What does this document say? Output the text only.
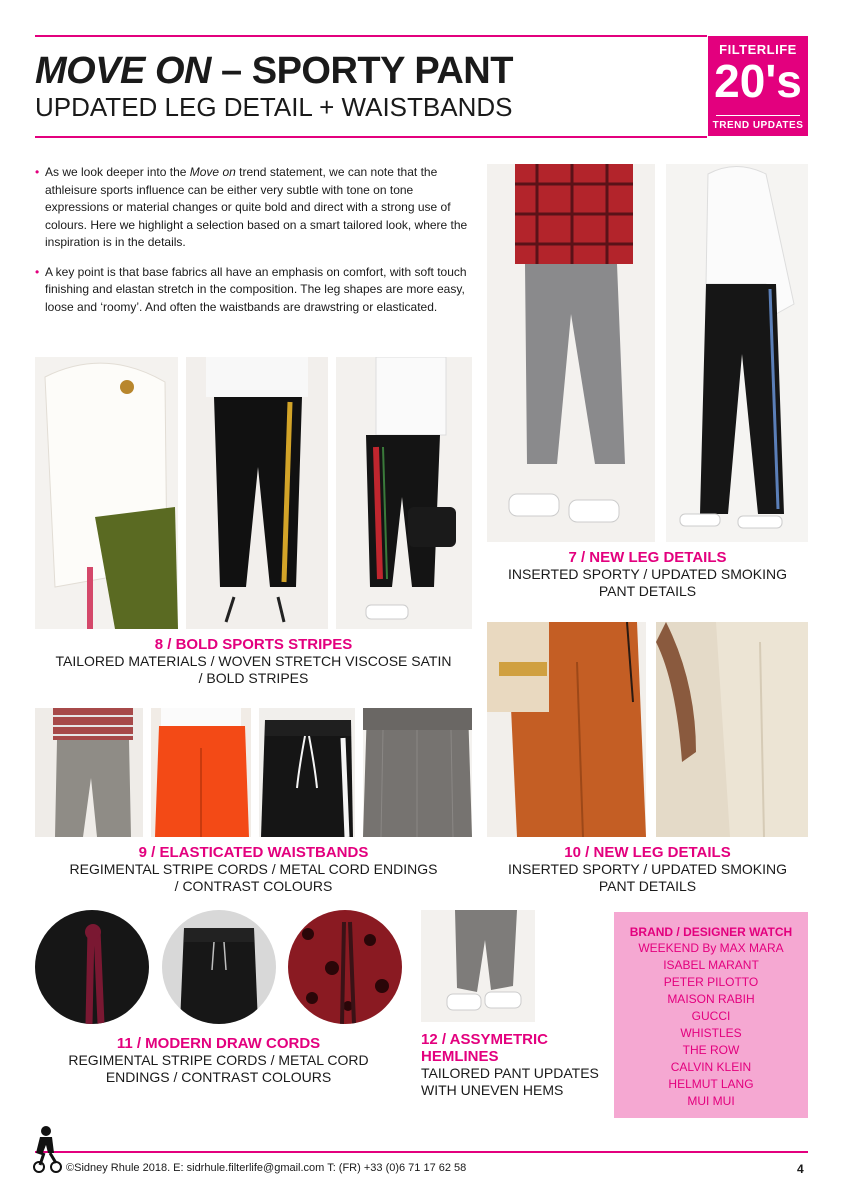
MOVE ON – SPORTY PANT
UPDATED LEG DETAIL + WAISTBANDS
FILTERLIFE
20's
TREND UPDATES

• As we look deeper into the Move on trend statement, we can note that the athleisure sports influence can be either very subtle with tone on tone expressions or material changes or quite bold and direct with a strong use of colours. Here we highlight a selection based on a smart tailored look, where the inspiration is in the details.

• A key point is that base fabrics all have an emphasis on comfort, with soft touch finishing and elastan stretch in the composition. The leg shapes are more easy, loose and ‘roomy’. And often the waistbands are drawstring or elasticated.

7 / NEW LEG DETAILS
INSERTED SPORTY / UPDATED SMOKING
PANT DETAILS
8 / BOLD SPORTS STRIPES
TAILORED MATERIALS / WOVEN STRETCH VISCOSE SATIN
/ BOLD STRIPES
9 / ELASTICATED WAISTBANDS
REGIMENTAL STRIPE CORDS / METAL CORD ENDINGS
/ CONTRAST COLOURS
10 / NEW LEG DETAILS
INSERTED SPORTY / UPDATED SMOKING
PANT DETAILS
11 / MODERN DRAW CORDS
REGIMENTAL STRIPE CORDS / METAL CORD
ENDINGS / CONTRAST COLOURS
12 / ASSYMETRIC
HEMLINES
TAILORED PANT UPDATES
WITH UNEVEN HEMS
BRAND / DESIGNER WATCH
WEEKEND By MAX MARA
ISABEL MARANT
PETER PILOTTO
MAISON RABIH
GUCCI
WHISTLES
THE ROW
CALVIN KLEIN
HELMUT LANG
MUI MUI
©Sidney Rhule 2018. E: sidrhule.filterlife@gmail.com T: (FR) +33 (0)6 71 17 62 58	4
